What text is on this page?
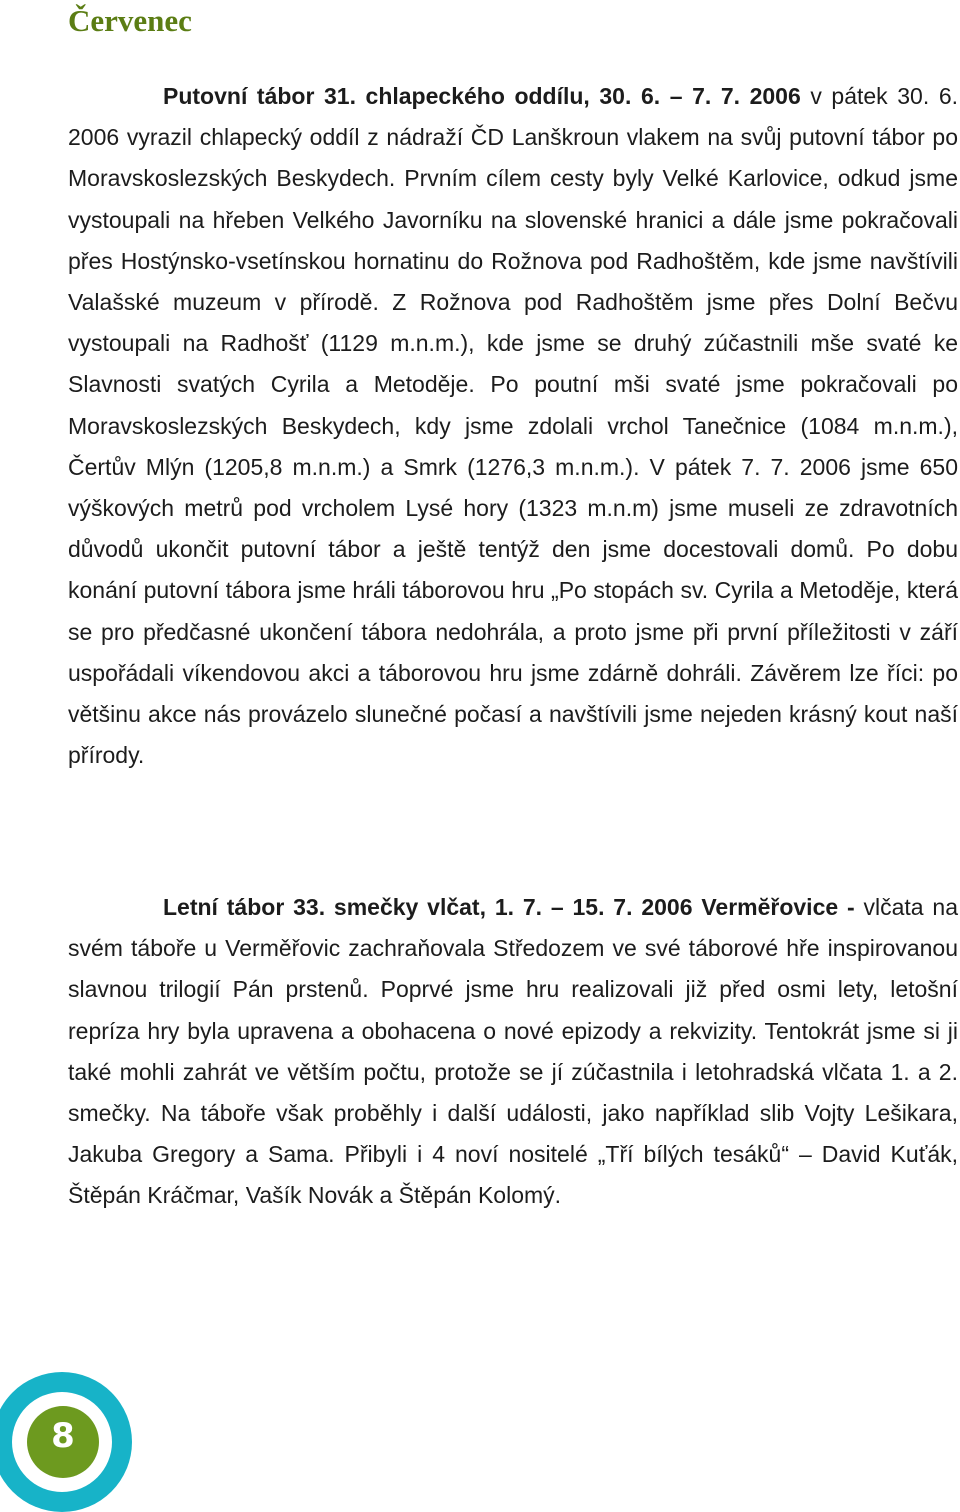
Červenec
Putovní tábor 31. chlapeckého oddílu, 30. 6. – 7. 7. 2006 v pátek 30. 6. 2006 vyrazil chlapecký oddíl z nádraží ČD Lanškroun vlakem na svůj putovní tábor po Moravskoslezských Beskydech. Prvním cílem cesty byly Velké Karlovice, odkud jsme vystoupali na hřeben Velkého Javorníku na slovenské hranici a dále jsme pokračovali přes Hostýnsko-vsetínskou hornatinu do Rožnova pod Radhoštěm, kde jsme navštívili Valašské muzeum v přírodě. Z Rožnova pod Radhoštěm jsme přes Dolní Bečvu vystoupali na Radhošť (1129 m.n.m.), kde jsme se druhý zúčastnili mše svaté ke Slavnosti svatých Cyrila a Metoděje. Po poutní mši svaté jsme pokračovali po Moravskoslezských Beskydech, kdy jsme zdolali vrchol Tanečnice (1084 m.n.m.), Čertův Mlýn (1205,8 m.n.m.) a Smrk (1276,3 m.n.m.). V pátek 7. 7. 2006 jsme 650 výškových metrů pod vrcholem Lysé hory (1323 m.n.m) jsme museli ze zdravotních důvodů ukončit putovní tábor a ještě tentýž den jsme docestovali domů. Po dobu konání putovní tábora jsme hráli táborovou hru „Po stopách sv. Cyrila a Metoděje, která se pro předčasné ukončení tábora nedohrála, a proto jsme při první příležitosti v září uspořádali víkendovou akci a táborovou hru jsme zdárně dohráli. Závěrem lze říci: po většinu akce nás provázelo slunečné počasí a navštívili jsme nejeden krásný kout naší přírody.
Letní tábor 33. smečky vlčat, 1. 7. – 15. 7. 2006 Vermĕřovice - vlčata na svém táboře u Verměřovic zachraňovala Středozem ve své táborové hře inspirovanou slavnou trilogií Pán prstenů. Poprvé jsme hru realizovali již před osmi lety, letošní repríza hry byla upravena a obohacena o nové epizody a rekvizity. Tentokrát jsme si ji také mohli zahrát ve větším počtu, protože se jí zúčastnila i letohradská vlčata 1. a 2. smečky. Na táboře však proběhly i další události, jako například slib Vojty Lešikara, Jakuba Gregory a Sama. Přibyli i 4 noví nositelé „Tří bílých tesáků“ – David Kuťák, Štěpán Kráčmar, Vašík Novák a Štěpán Kolomý.
8
